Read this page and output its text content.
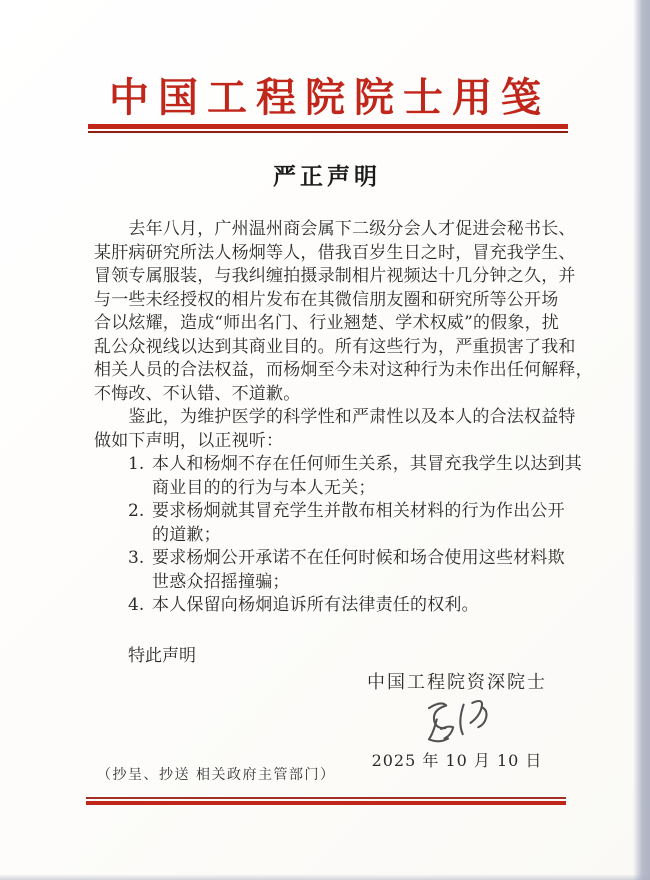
中国工程院院士用笺
严正声明
　　去年八月，广州温州商会属下二级分会人才促进会秘书长、
某肝病研究所法人杨炯等人，借我百岁生日之时，冒充我学生、
冒领专属服装，与我纠缠拍摄录制相片视频达十几分钟之久，并
与一些未经授权的相片发布在其微信朋友圈和研究所等公开场
合以炫耀，造成“师出名门、行业翘楚、学术权威”的假象，扰
乱公众视线以达到其商业目的。所有这些行为，严重损害了我和
相关人员的合法权益，而杨炯至今未对这种行为未作出任何解释，
不悔改、不认错、不道歉。
　　鉴此，为维护医学的科学性和严肃性以及本人的合法权益特
做如下声明，以正视听：
1. 本人和杨炯不存在任何师生关系，其冒充我学生以达到其
商业目的的行为与本人无关；
2. 要求杨炯就其冒充学生并散布相关材料的行为作出公开
的道歉；
3. 要求杨炯公开承诺不在任何时候和场合使用这些材料欺
世惑众招摇撞骗；
4. 本人保留向杨炯追诉所有法律责任的权利。
特此声明
中国工程院资深院士
2025 年 10 月 10 日
（抄呈、抄送 相关政府主管部门）
